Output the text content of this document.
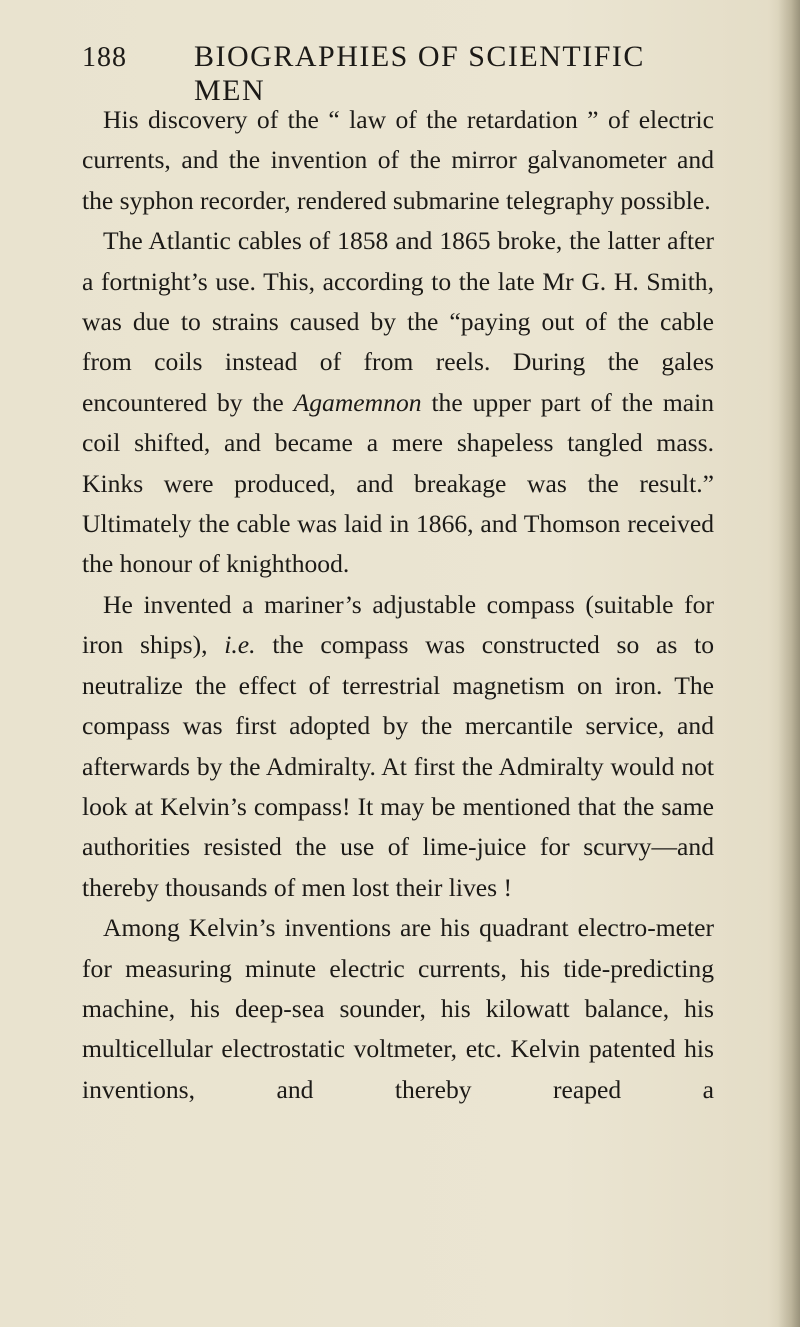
188 BIOGRAPHIES OF SCIENTIFIC MEN

His discovery of the “ law of the retardation ” of electric currents, and the invention of the mirror galvanometer and the syphon recorder, rendered submarine telegraphy possible.

The Atlantic cables of 1858 and 1865 broke, the latter after a fortnight’s use. This, according to the late Mr G. H. Smith, was due to strains caused by the “paying out of the cable from coils instead of from reels. During the gales encountered by the Agamemnon the upper part of the main coil shifted, and became a mere shapeless tangled mass. Kinks were produced, and breakage was the result.” Ultimately the cable was laid in 1866, and Thomson received the honour of knighthood.

He invented a mariner’s adjustable compass (suitable for iron ships), i.e. the compass was constructed so as to neutralize the effect of terrestrial magnetism on iron. The compass was first adopted by the mercantile service, and afterwards by the Admiralty. At first the Admiralty would not look at Kelvin’s compass! It may be mentioned that the same authorities resisted the use of lime-juice for scurvy—and thereby thousands of men lost their lives !

Among Kelvin’s inventions are his quadrant electro-meter for measuring minute electric currents, his tide-predicting machine, his deep-sea sounder, his kilowatt balance, his multicellular electrostatic voltmeter, etc. Kelvin patented his inventions, and thereby reaped a
